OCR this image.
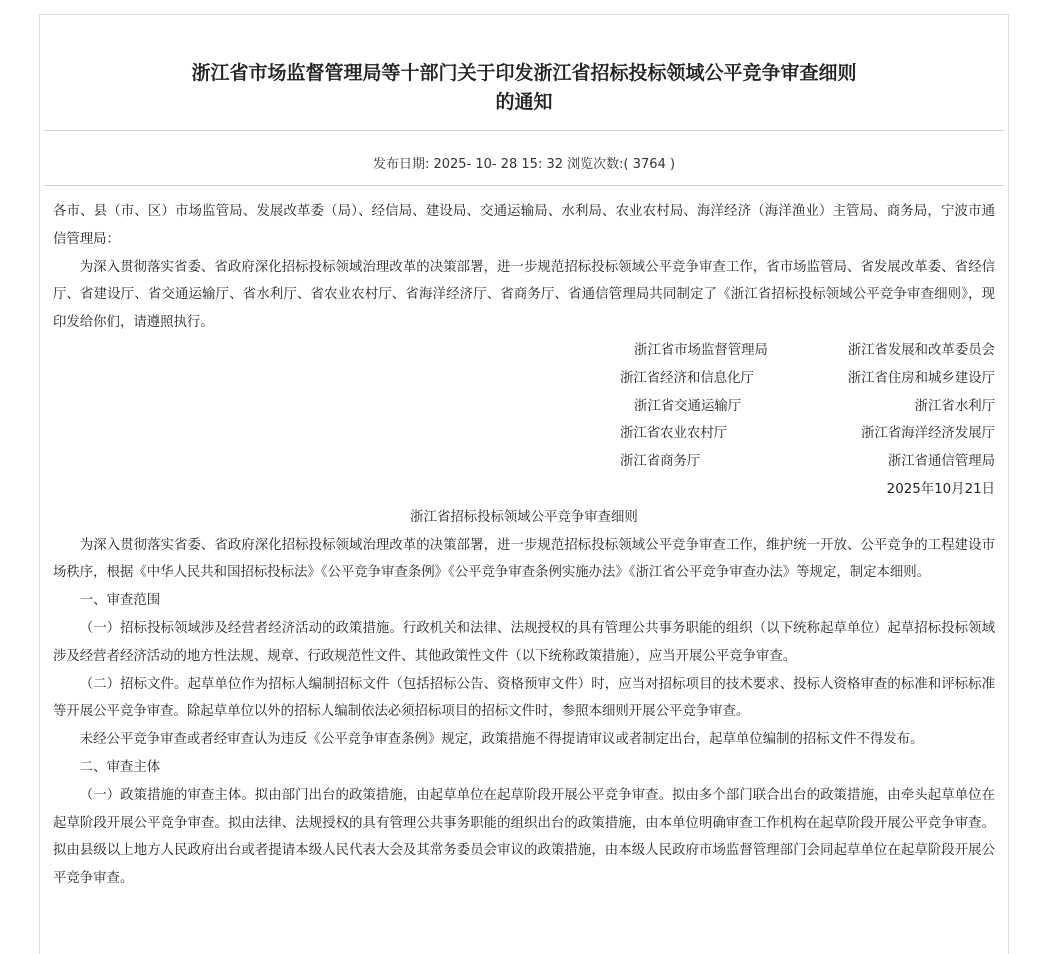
浙江省市场监督管理局等十部门关于印发浙江省招标投标领域公平竞争审查细则
的通知
发布日期: 2025- 10- 28 15: 32 浏览次数:( 3764 )

各市、县（市、区）市场监管局、发展改革委（局）、经信局、建设局、交通运输局、水利局、农业农村局、海洋经济（海洋渔业）主管局、商务局，宁波市通信管理局：

为深入贯彻落实省委、省政府深化招标投标领域治理改革的决策部署，进一步规范招标投标领域公平竞争审查工作，省市场监管局、省发展改革委、省经信厅、省建设厅、省交通运输厅、省水利厅、省农业农村厅、省海洋经济厅、省商务厅、省通信管理局共同制定了《浙江省招标投标领域公平竞争审查细则》，现印发给你们，请遵照执行。

浙江省市场监督管理局	浙江省发展和改革委员会
浙江省经济和信息化厅	浙江省住房和城乡建设厅
浙江省交通运输厅	浙江省水利厅
浙江省农业农村厅	浙江省海洋经济发展厅
浙江省商务厅	浙江省通信管理局
2025年10月21日

浙江省招标投标领域公平竞争审查细则

为深入贯彻落实省委、省政府深化招标投标领域治理改革的决策部署，进一步规范招标投标领域公平竞争审查工作，维护统一开放、公平竞争的工程建设市场秩序，根据《中华人民共和国招标投标法》《公平竞争审查条例》《公平竞争审查条例实施办法》《浙江省公平竞争审查办法》等规定，制定本细则。

一、审查范围

（一）招标投标领域涉及经营者经济活动的政策措施。行政机关和法律、法规授权的具有管理公共事务职能的组织（以下统称起草单位）起草招标投标领域涉及经营者经济活动的地方性法规、规章、行政规范性文件、其他政策性文件（以下统称政策措施），应当开展公平竞争审查。

（二）招标文件。起草单位作为招标人编制招标文件（包括招标公告、资格预审文件）时，应当对招标项目的技术要求、投标人资格审查的标准和评标标准等开展公平竞争审查。除起草单位以外的招标人编制依法必须招标项目的招标文件时，参照本细则开展公平竞争审查。

未经公平竞争审查或者经审查认为违反《公平竞争审查条例》规定，政策措施不得提请审议或者制定出台，起草单位编制的招标文件不得发布。

二、审查主体

（一）政策措施的审查主体。拟由部门出台的政策措施，由起草单位在起草阶段开展公平竞争审查。拟由多个部门联合出台的政策措施，由牵头起草单位在起草阶段开展公平竞争审查。拟由法律、法规授权的具有管理公共事务职能的组织出台的政策措施，由本单位明确审查工作机构在起草阶段开展公平竞争审查。拟由县级以上地方人民政府出台或者提请本级人民代表大会及其常务委员会审议的政策措施，由本级人民政府市场监督管理部门会同起草单位在起草阶段开展公平竞争审查。
